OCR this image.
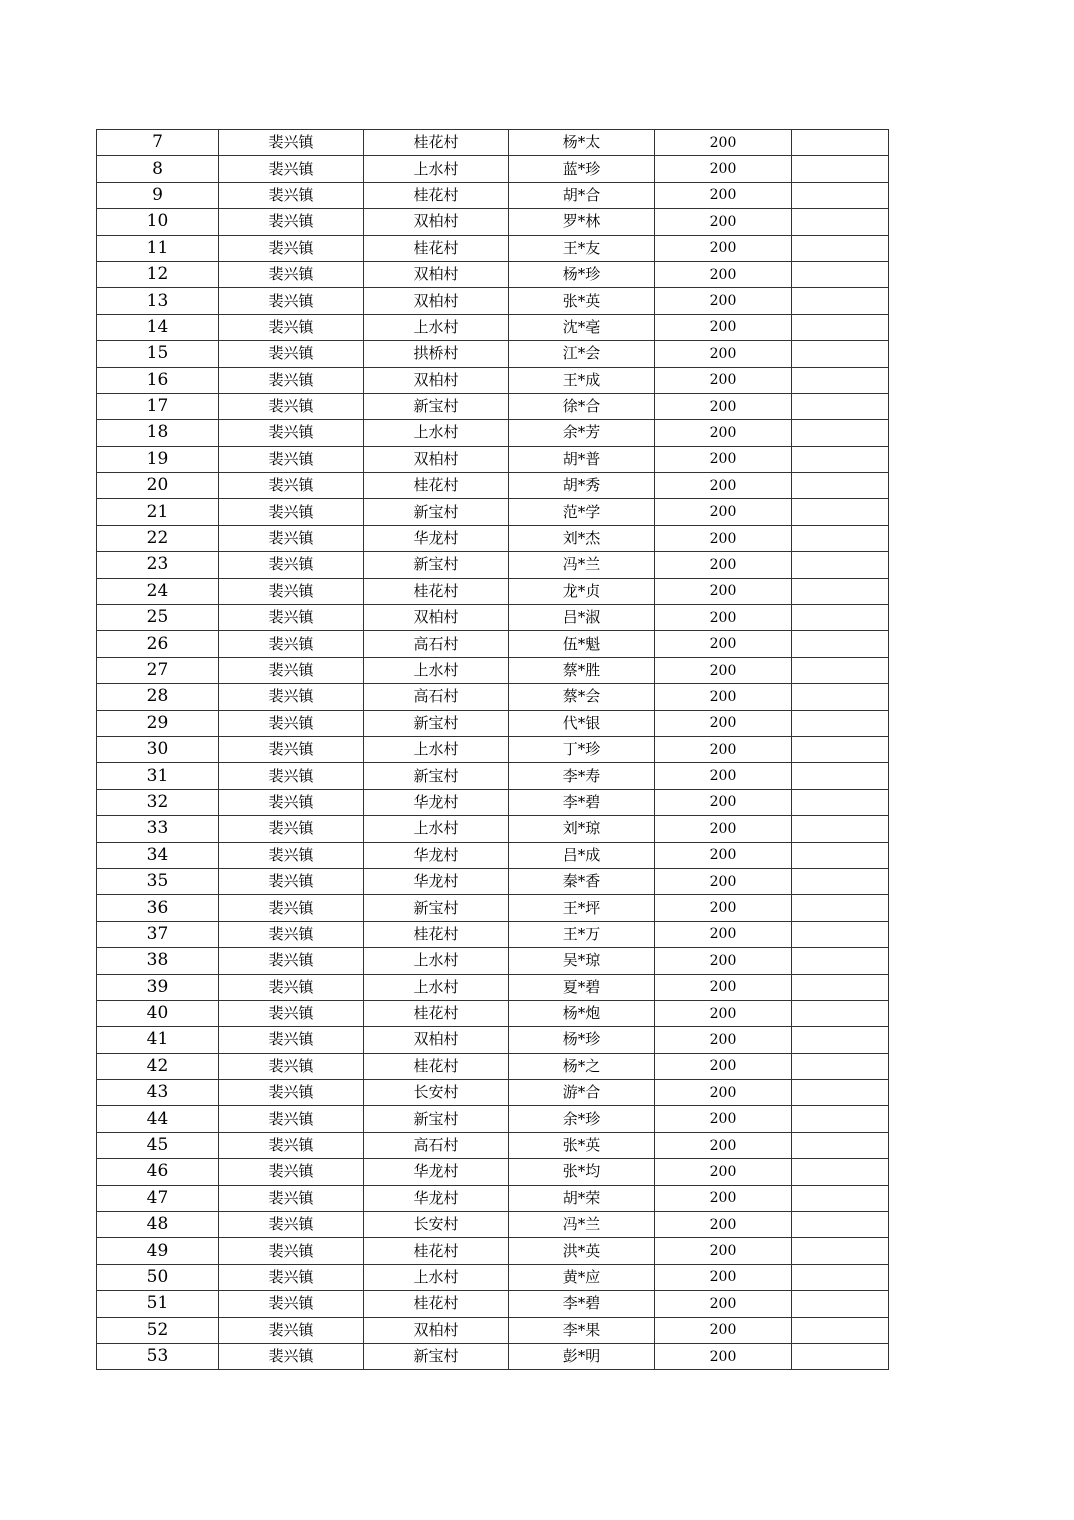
7	裴兴镇	桂花村	杨*太	200	
8	裴兴镇	上水村	蓝*珍	200	
9	裴兴镇	桂花村	胡*合	200	
10	裴兴镇	双柏村	罗*林	200	
11	裴兴镇	桂花村	王*友	200	
12	裴兴镇	双柏村	杨*珍	200	
13	裴兴镇	双柏村	张*英	200	
14	裴兴镇	上水村	沈*亳	200	
15	裴兴镇	拱桥村	江*会	200	
16	裴兴镇	双柏村	王*成	200	
17	裴兴镇	新宝村	徐*合	200	
18	裴兴镇	上水村	余*芳	200	
19	裴兴镇	双柏村	胡*普	200	
20	裴兴镇	桂花村	胡*秀	200	
21	裴兴镇	新宝村	范*学	200	
22	裴兴镇	华龙村	刘*杰	200	
23	裴兴镇	新宝村	冯*兰	200	
24	裴兴镇	桂花村	龙*贞	200	
25	裴兴镇	双柏村	吕*淑	200	
26	裴兴镇	高石村	伍*魁	200	
27	裴兴镇	上水村	蔡*胜	200	
28	裴兴镇	高石村	蔡*会	200	
29	裴兴镇	新宝村	代*银	200	
30	裴兴镇	上水村	丁*珍	200	
31	裴兴镇	新宝村	李*寿	200	
32	裴兴镇	华龙村	李*碧	200	
33	裴兴镇	上水村	刘*琼	200	
34	裴兴镇	华龙村	吕*成	200	
35	裴兴镇	华龙村	秦*香	200	
36	裴兴镇	新宝村	王*坪	200	
37	裴兴镇	桂花村	王*万	200	
38	裴兴镇	上水村	吴*琼	200	
39	裴兴镇	上水村	夏*碧	200	
40	裴兴镇	桂花村	杨*炮	200	
41	裴兴镇	双柏村	杨*珍	200	
42	裴兴镇	桂花村	杨*之	200	
43	裴兴镇	长安村	游*合	200	
44	裴兴镇	新宝村	余*珍	200	
45	裴兴镇	高石村	张*英	200	
46	裴兴镇	华龙村	张*均	200	
47	裴兴镇	华龙村	胡*荣	200	
48	裴兴镇	长安村	冯*兰	200	
49	裴兴镇	桂花村	洪*英	200	
50	裴兴镇	上水村	黄*应	200	
51	裴兴镇	桂花村	李*碧	200	
52	裴兴镇	双柏村	李*果	200	
53	裴兴镇	新宝村	彭*明	200	
